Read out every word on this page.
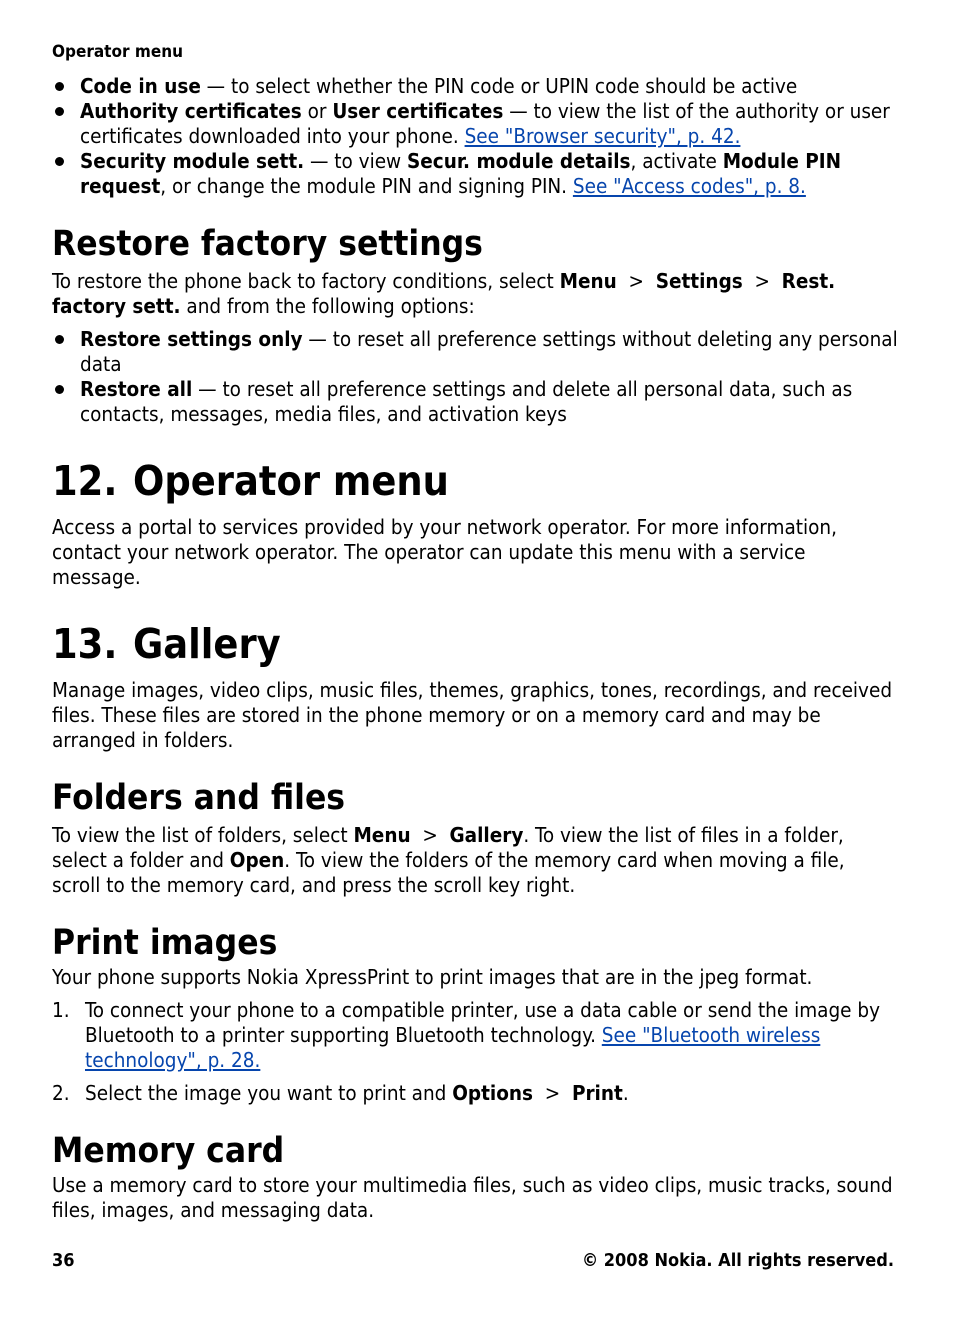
Operator menu
Code in use — to select whether the PIN code or UPIN code should be active
Authority certificates or User certificates — to view the list of the authority or user certificates downloaded into your phone. See "Browser security", p. 42.
Security module sett. — to view Secur. module details, activate Module PIN request, or change the module PIN and signing PIN. See "Access codes", p. 8.
Restore factory settings

To restore the phone back to factory conditions, select Menu > Settings > Rest. factory sett. and from the following options:

Restore settings only — to reset all preference settings without deleting any personal data
Restore all — to reset all preference settings and delete all personal data, such as contacts, messages, media files, and activation keys
12. Operator menu

Access a portal to services provided by your network operator. For more information, contact your network operator. The operator can update this menu with a service message.

13. Gallery

Manage images, video clips, music files, themes, graphics, tones, recordings, and received files. These files are stored in the phone memory or on a memory card and may be arranged in folders.

Folders and files

To view the list of folders, select Menu > Gallery. To view the list of files in a folder, select a folder and Open. To view the folders of the memory card when moving a file, scroll to the memory card, and press the scroll key right.

Print images

Your phone supports Nokia XpressPrint to print images that are in the jpeg format.

1. To connect your phone to a compatible printer, use a data cable or send the image by Bluetooth to a printer supporting Bluetooth technology. See "Bluetooth wireless technology", p. 28.
2. Select the image you want to print and Options > Print.
Memory card

Use a memory card to store your multimedia files, such as video clips, music tracks, sound files, images, and messaging data.

36	© 2008 Nokia. All rights reserved.
